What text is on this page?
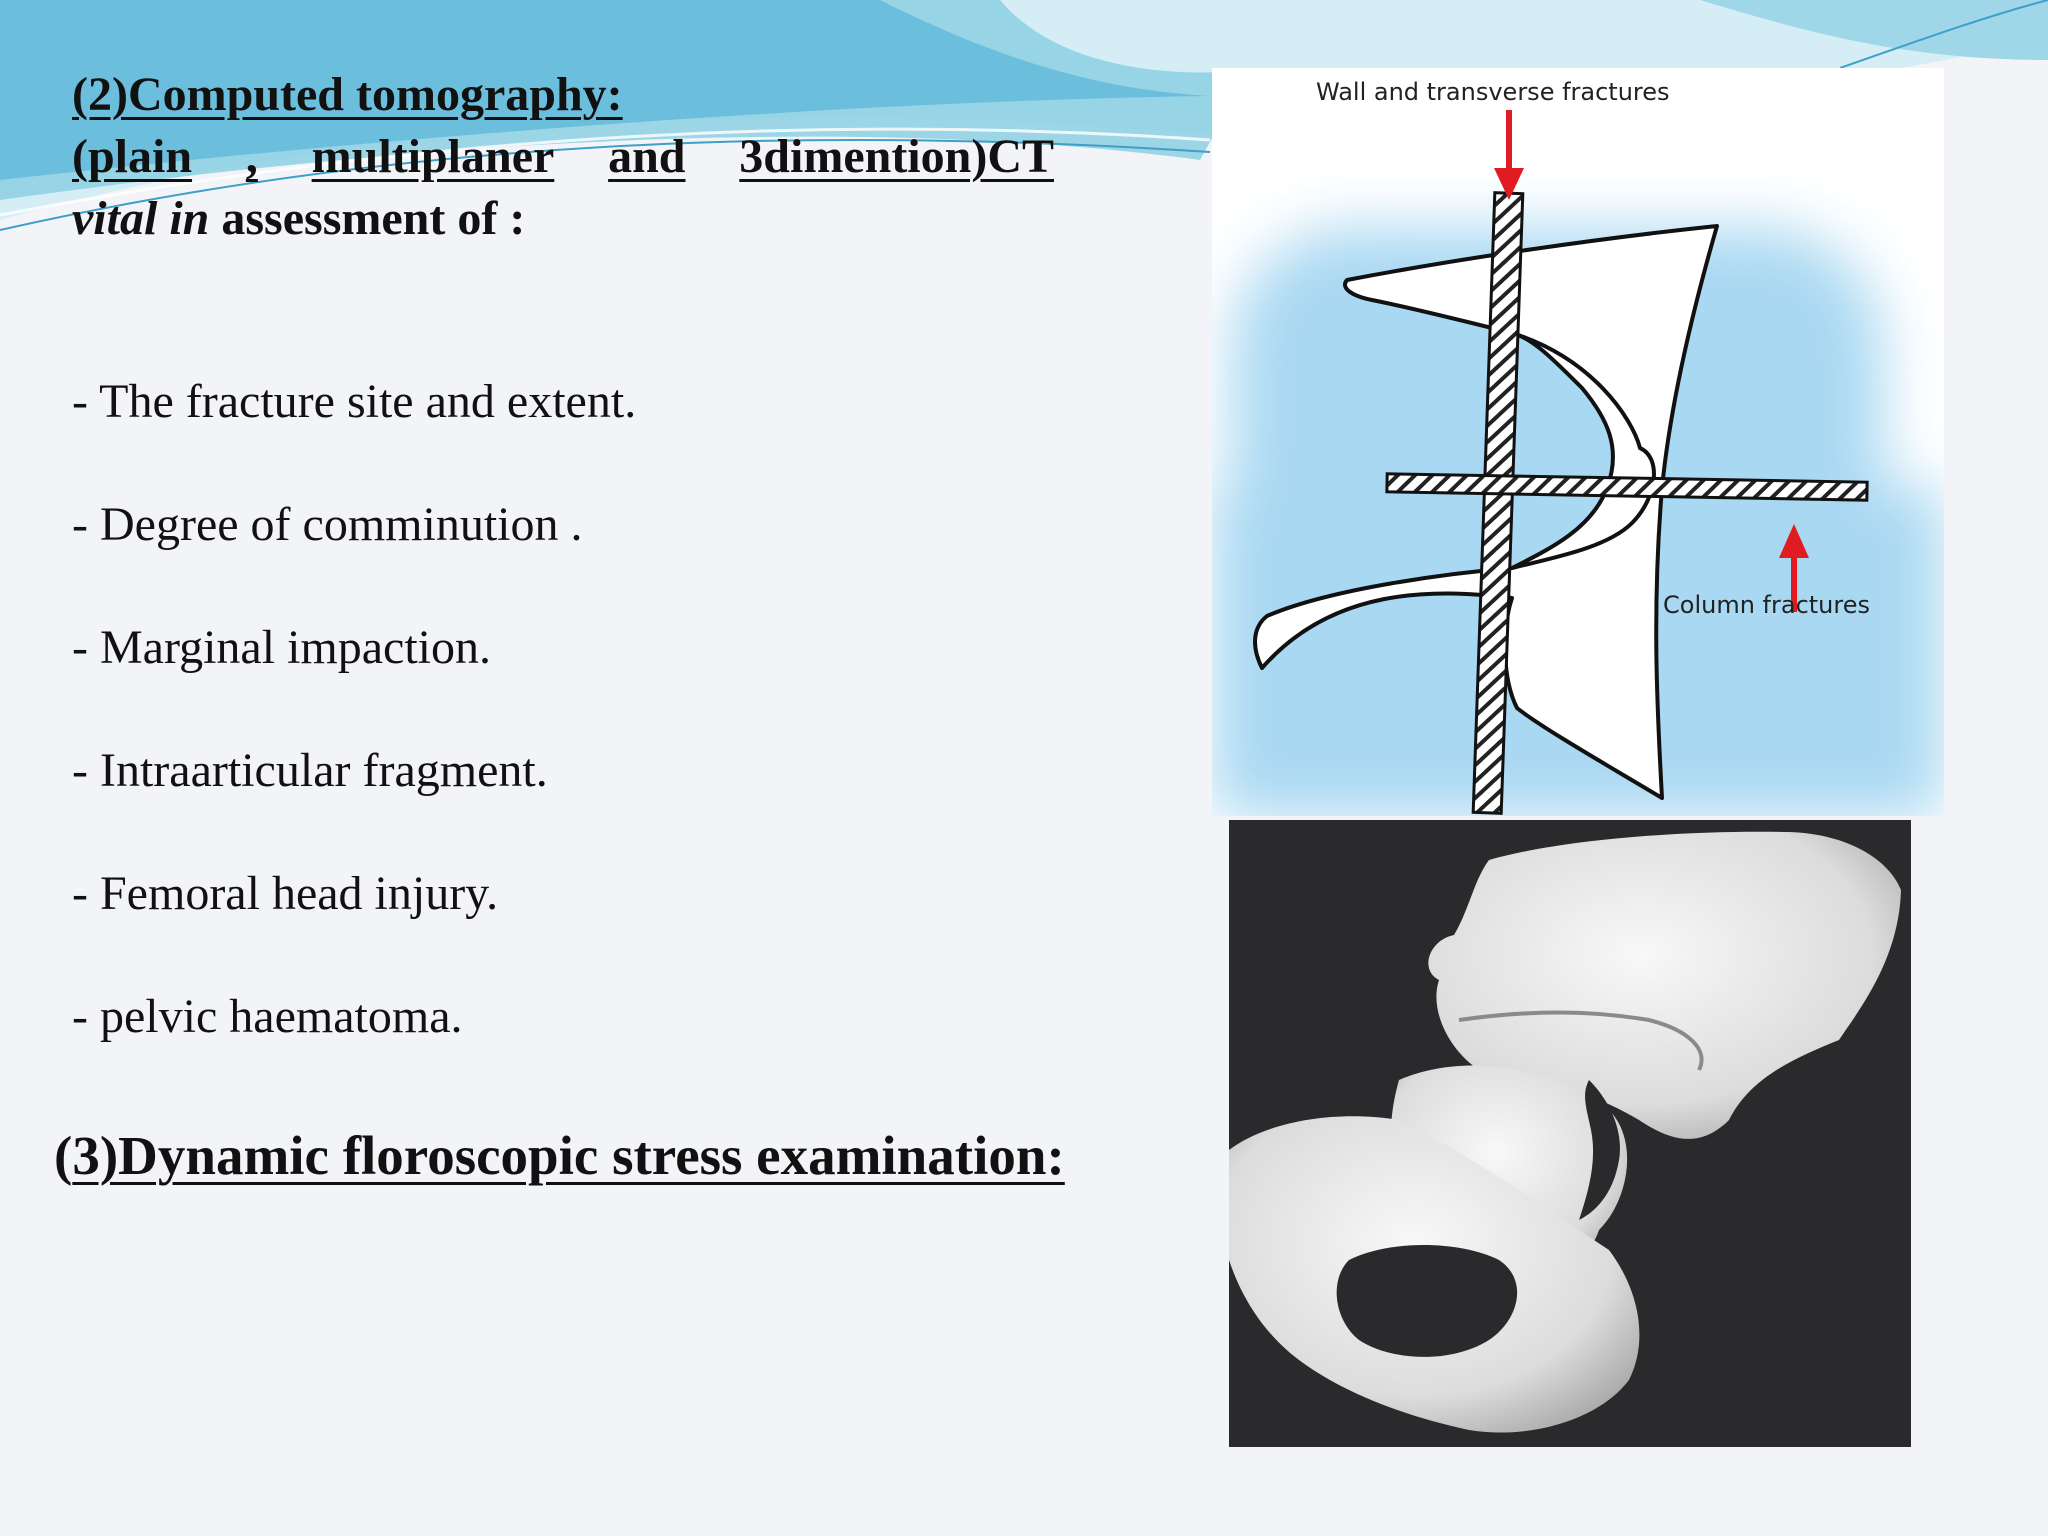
(2)Computed tomography:
(plain , multiplaner and 3dimention)CT
vital in assessment of :
- The fracture site and extent.
- Degree of comminution .
- Marginal impaction.
- Intraarticular fragment.
- Femoral head injury.
- pelvic haematoma.
(3)Dynamic floroscopic stress examination:
Wall and transverse fractures
Column fractures
